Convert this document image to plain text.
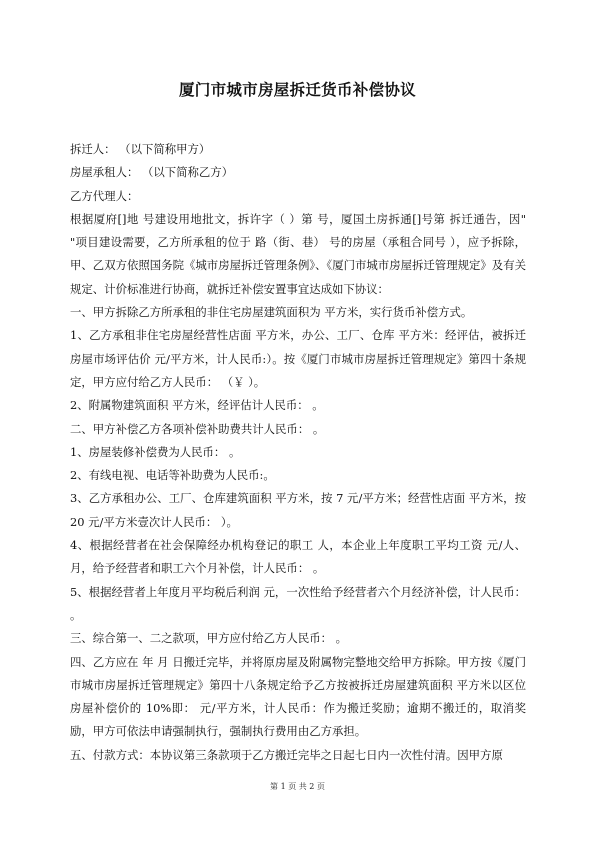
厦门市城市房屋拆迁货币补偿协议

拆迁人： （以下简称甲方）

房屋承租人： （以下简称乙方）

乙方代理人：

根据厦府[]地 号建设用地批文，拆许字（ ）第 号，厦国土房拆通[]号第 拆迁通告，因" "项目建设需要，乙方所承租的位于 路（街、巷） 号的房屋（承租合同号 ），应予拆除，甲、乙双方依照国务院《城市房屋拆迁管理条例》、《厦门市城市房屋拆迁管理规定》及有关规定、计价标准进行协商，就拆迁补偿安置事宜达成如下协议：

一、甲方拆除乙方所承租的非住宅房屋建筑面积为 平方米，实行货币补偿方式。

1、乙方承租非住宅房屋经营性店面 平方米，办公、工厂、仓库 平方米：经评估，被拆迁房屋市场评估价 元/平方米，计人民币:）。按《厦门市城市房屋拆迁管理规定》第四十条规定，甲方应付给乙方人民币： （￥ ）。

2、附属物建筑面积 平方米，经评估计人民币： 。

二、甲方补偿乙方各项补偿补助费共计人民币： 。

1、房屋装修补偿费为人民币： 。

2、有线电视、电话等补助费为人民币:。

3、乙方承租办公、工厂、仓库建筑面积 平方米，按 7 元/平方米；经营性店面 平方米，按 20 元/平方米壹次计人民币： ）。

4、根据经营者在社会保障经办机构登记的职工 人，本企业上年度职工平均工资 元/人、月，给予经营者和职工六个月补偿，计人民币： 。

5、根据经营者上年度月平均税后利润 元，一次性给予经营者六个月经济补偿，计人民币： 。

三、综合第一、二之款项，甲方应付给乙方人民币： 。

四、乙方应在 年 月 日搬迁完毕，并将原房屋及附属物完整地交给甲方拆除。甲方按《厦门市城市房屋拆迁管理规定》第四十八条规定给予乙方按被拆迁房屋建筑面积 平方米以区位房屋补偿价的 10%即： 元/平方米，计人民币：作为搬迁奖励；逾期不搬迁的，取消奖励，甲方可依法申请强制执行，强制执行费用由乙方承担。

五、付款方式：本协议第三条款项于乙方搬迁完毕之日起七日内一次性付清。因甲方原

第 1 页 共 2 页
